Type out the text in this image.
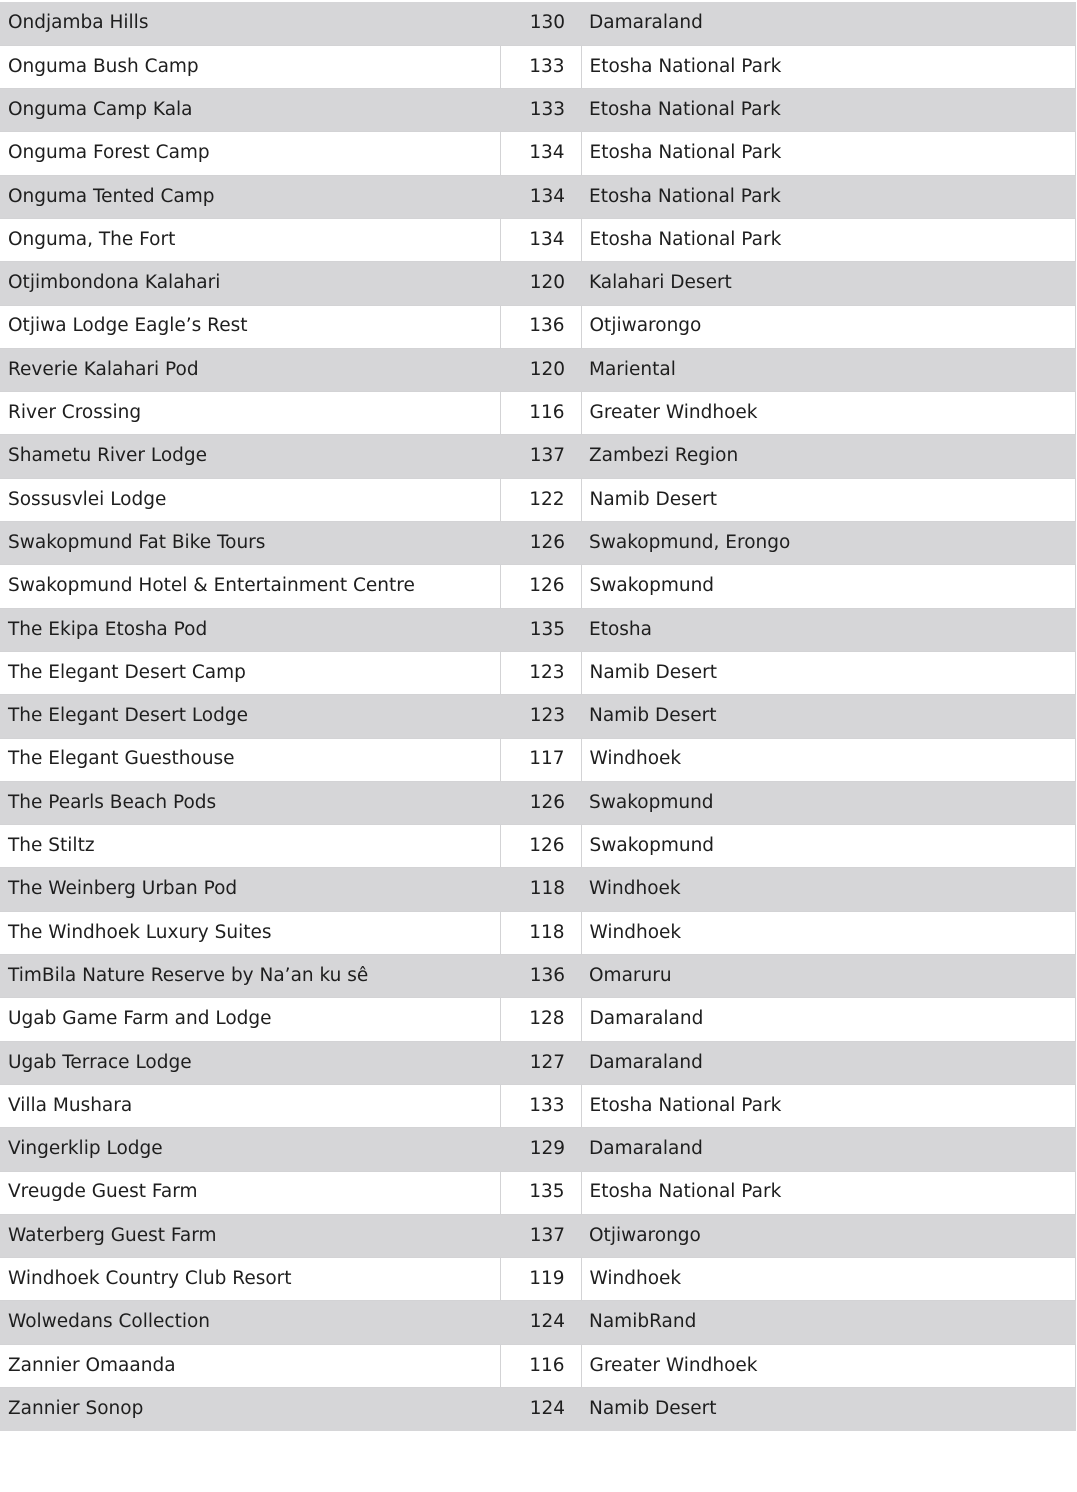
Ondjamba Hills	130	Damaraland
Onguma Bush Camp	133	Etosha National Park
Onguma Camp Kala	133	Etosha National Park
Onguma Forest Camp	134	Etosha National Park
Onguma Tented Camp	134	Etosha National Park
Onguma, The Fort	134	Etosha National Park
Otjimbondona Kalahari	120	Kalahari Desert
Otjiwa Lodge Eagle’s Rest	136	Otjiwarongo
Reverie Kalahari Pod	120	Mariental
River Crossing	116	Greater Windhoek
Shametu River Lodge	137	Zambezi Region
Sossusvlei Lodge	122	Namib Desert
Swakopmund Fat Bike Tours	126	Swakopmund, Erongo
Swakopmund Hotel & Entertainment Centre	126	Swakopmund
The Ekipa Etosha Pod	135	Etosha
The Elegant Desert Camp	123	Namib Desert
The Elegant Desert Lodge	123	Namib Desert
The Elegant Guesthouse	117	Windhoek
The Pearls Beach Pods	126	Swakopmund
The Stiltz	126	Swakopmund
The Weinberg Urban Pod	118	Windhoek
The Windhoek Luxury Suites	118	Windhoek
TimBila Nature Reserve by Na’an ku sê	136	Omaruru
Ugab Game Farm and Lodge	128	Damaraland
Ugab Terrace Lodge	127	Damaraland
Villa Mushara	133	Etosha National Park
Vingerklip Lodge	129	Damaraland
Vreugde Guest Farm	135	Etosha National Park
Waterberg Guest Farm	137	Otjiwarongo
Windhoek Country Club Resort	119	Windhoek
Wolwedans Collection	124	NamibRand
Zannier Omaanda	116	Greater Windhoek
Zannier Sonop	124	Namib Desert
